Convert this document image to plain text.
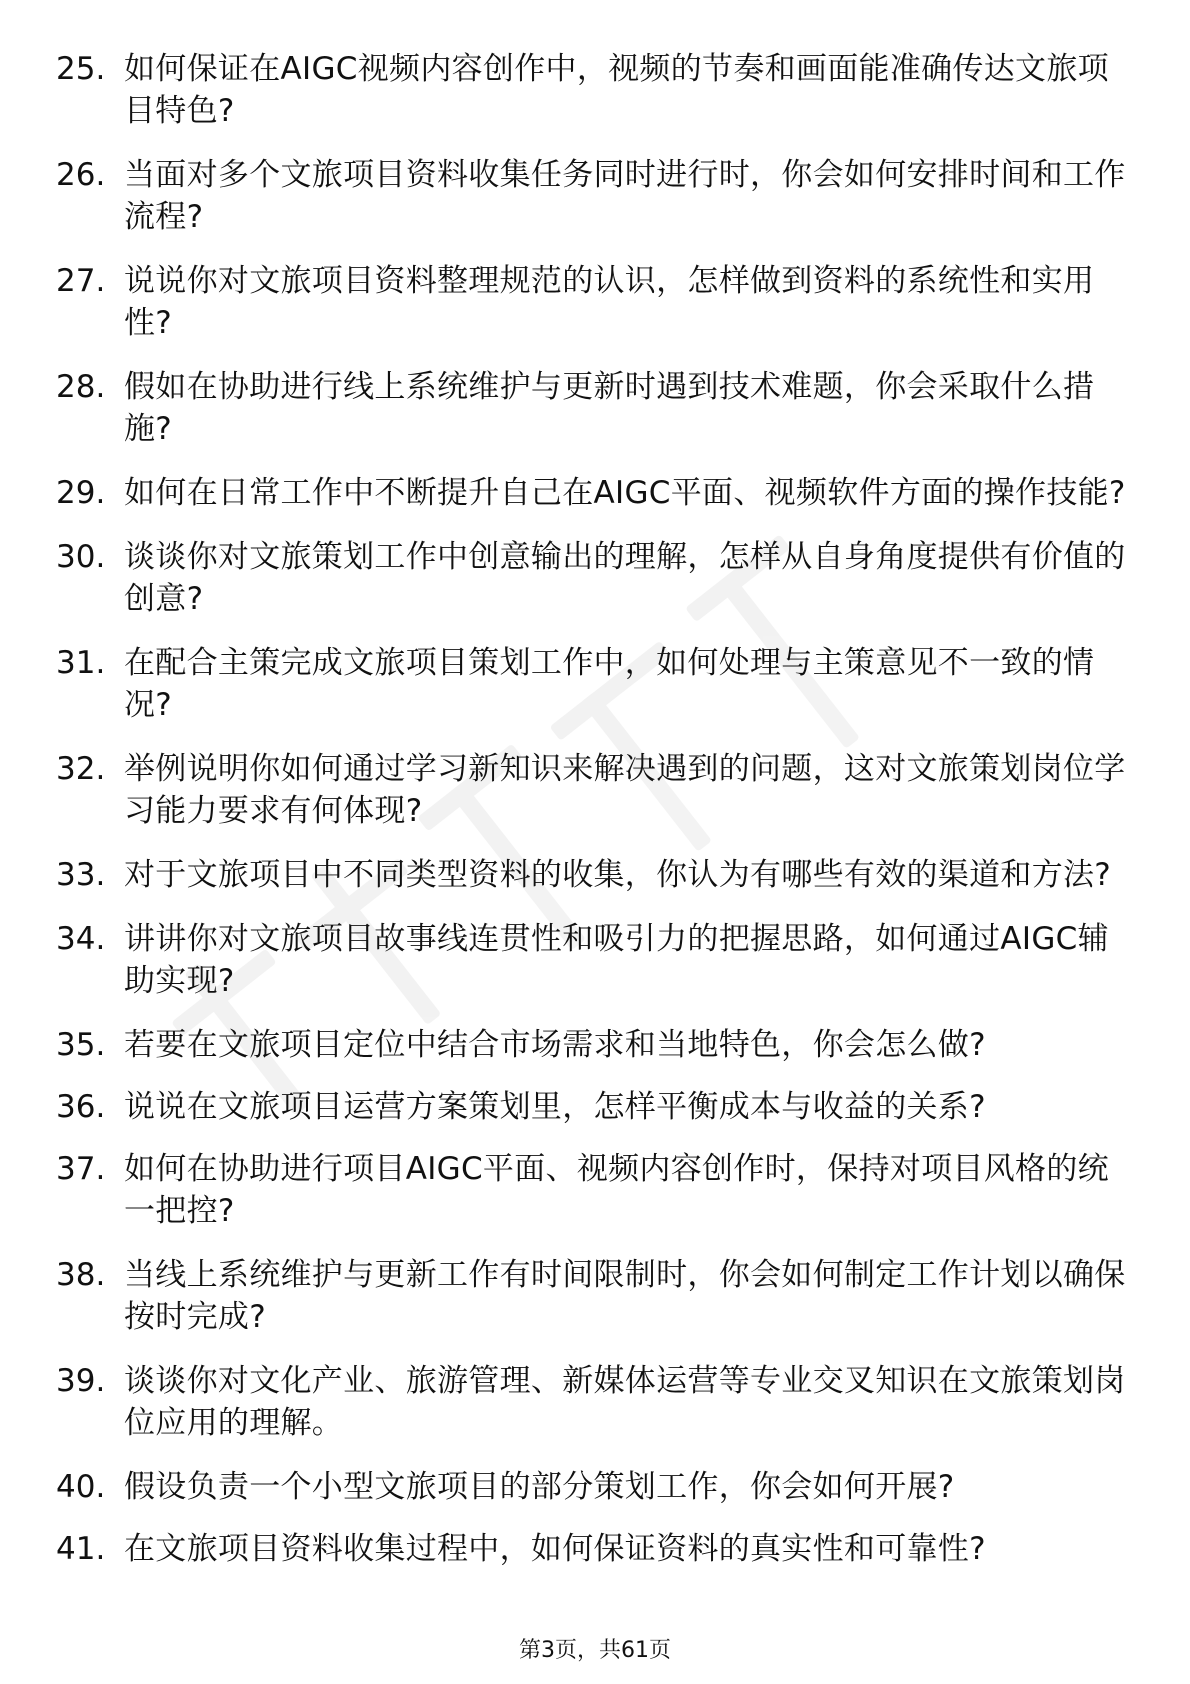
25. 如何保证在AIGC视频内容创作中，视频的节奏和画面能准确传达文旅项目特色?
26. 当面对多个文旅项目资料收集任务同时进行时，你会如何安排时间和工作流程?
27. 说说你对文旅项目资料整理规范的认识，怎样做到资料的系统性和实用性?
28. 假如在协助进行线上系统维护与更新时遇到技术难题，你会采取什么措施?
29. 如何在日常工作中不断提升自己在AIGC平面、视频软件方面的操作技能?
30. 谈谈你对文旅策划工作中创意输出的理解，怎样从自身角度提供有价值的创意?
31. 在配合主策完成文旅项目策划工作中，如何处理与主策意见不一致的情况?
32. 举例说明你如何通过学习新知识来解决遇到的问题，这对文旅策划岗位学习能力要求有何体现?
33. 对于文旅项目中不同类型资料的收集，你认为有哪些有效的渠道和方法?
34. 讲讲你对文旅项目故事线连贯性和吸引力的把握思路，如何通过AIGC辅助实现?
35. 若要在文旅项目定位中结合市场需求和当地特色，你会怎么做?
36. 说说在文旅项目运营方案策划里，怎样平衡成本与收益的关系?
37. 如何在协助进行项目AIGC平面、视频内容创作时，保持对项目风格的统一把控?
38. 当线上系统维护与更新工作有时间限制时，你会如何制定工作计划以确保按时完成?
39. 谈谈你对文化产业、旅游管理、新媒体运营等专业交叉知识在文旅策划岗位应用的理解。
40. 假设负责一个小型文旅项目的部分策划工作，你会如何开展?
41. 在文旅项目资料收集过程中，如何保证资料的真实性和可靠性?
第3页，共61页
